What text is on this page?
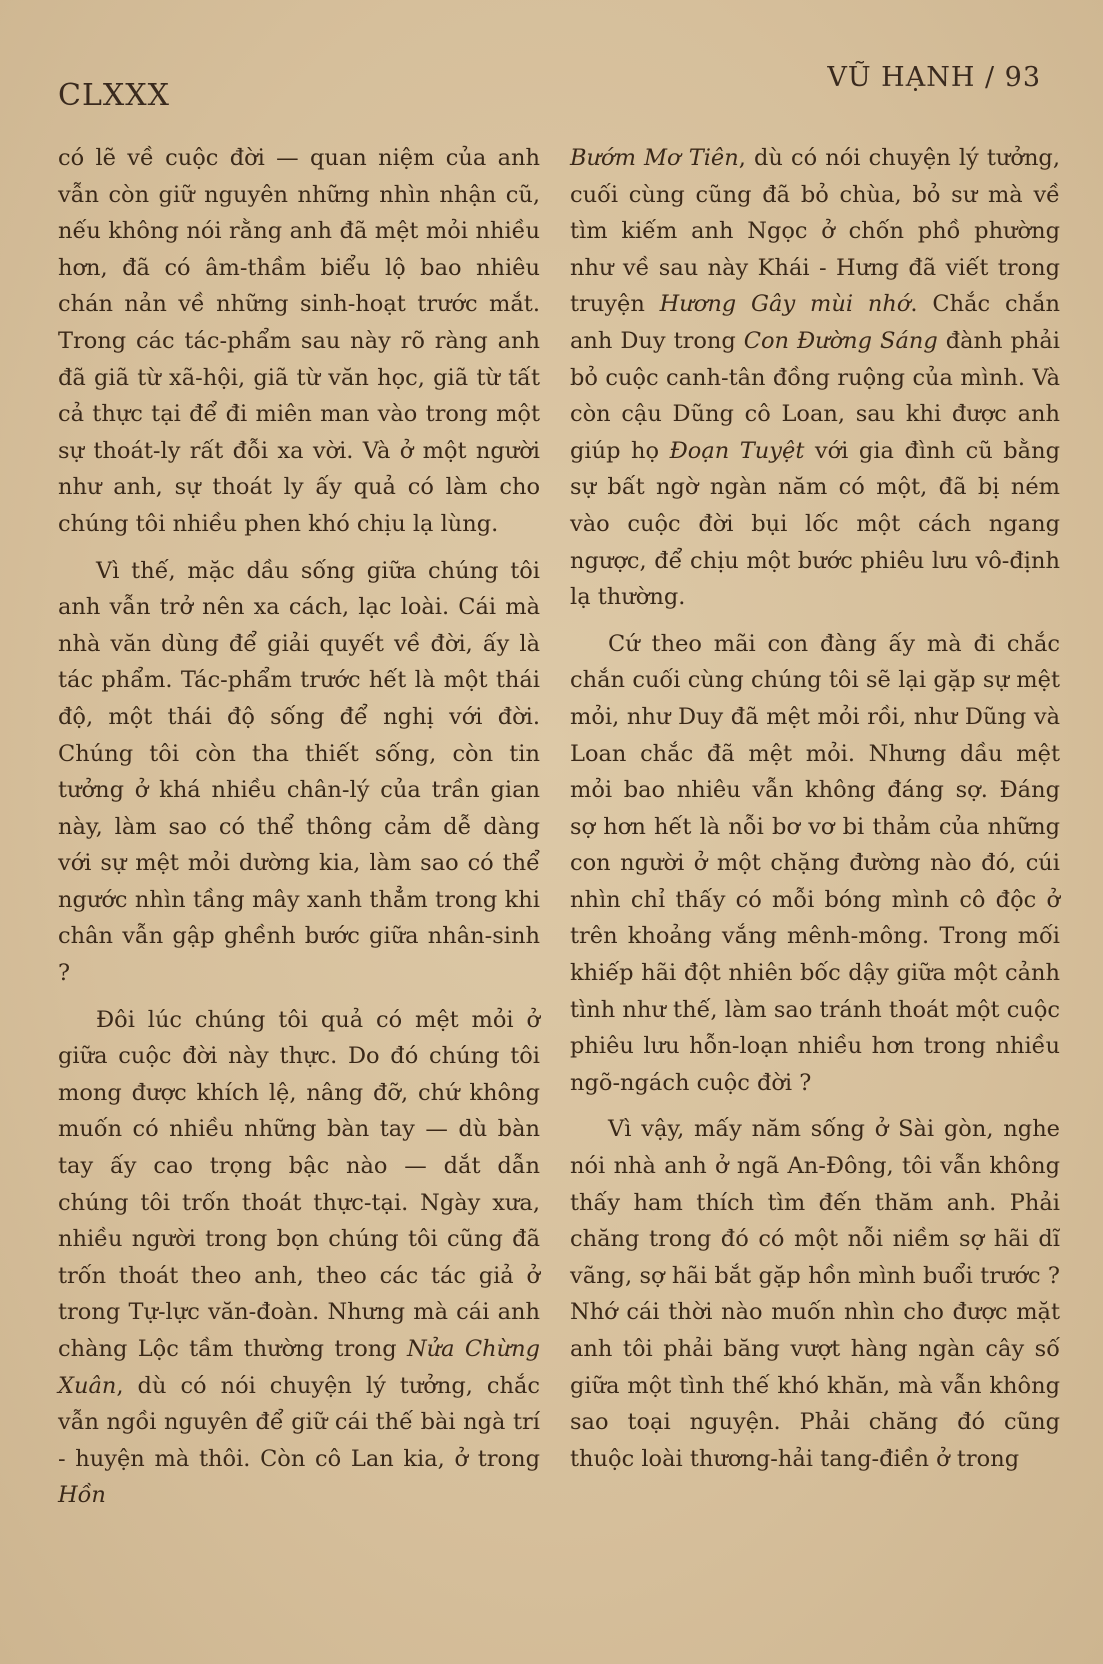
CLXXX
VŨ HẠNH / 93

có lẽ về cuộc đời — quan niệm của anh vẫn còn giữ nguyên những nhìn nhận cũ, nếu không nói rằng anh đã mệt mỏi nhiều hơn, đã có âm-thầm biểu lộ bao nhiêu chán nản về những sinh-hoạt trước mắt. Trong các tác-phẩm sau này rõ ràng anh đã giã từ xã-hội, giã từ văn học, giã từ tất cả thực tại để đi miên man vào trong một sự thoát-ly rất đỗi xa vời. Và ở một người như anh, sự thoát ly ấy quả có làm cho chúng tôi nhiều phen khó chịu lạ lùng.

Vì thế, mặc dầu sống giữa chúng tôi anh vẫn trở nên xa cách, lạc loài. Cái mà nhà văn dùng để giải quyết về đời, ấy là tác phẩm. Tác-phẩm trước hết là một thái độ, một thái độ sống để nghị với đời. Chúng tôi còn tha thiết sống, còn tin tưởng ở khá nhiều chân-lý của trần gian này, làm sao có thể thông cảm dễ dàng với sự mệt mỏi dường kia, làm sao có thể ngước nhìn tầng mây xanh thẳm trong khi chân vẫn gập ghềnh bước giữa nhân-sinh ?

Đôi lúc chúng tôi quả có mệt mỏi ở giữa cuộc đời này thực. Do đó chúng tôi mong được khích lệ, nâng đỡ, chứ không muốn có nhiều những bàn tay — dù bàn tay ấy cao trọng bậc nào — dắt dẫn chúng tôi trốn thoát thực-tại. Ngày xưa, nhiều người trong bọn chúng tôi cũng đã trốn thoát theo anh, theo các tác giả ở trong Tự-lực văn-đoàn. Nhưng mà cái anh chàng Lộc tầm thường trong Nửa Chừng Xuân, dù có nói chuyện lý tưởng, chắc vẫn ngồi nguyên để giữ cái thế bài ngà trí - huyện mà thôi. Còn cô Lan kia, ở trong Hồn

Bướm Mơ Tiên, dù có nói chuyện lý tưởng, cuối cùng cũng đã bỏ chùa, bỏ sư mà về tìm kiếm anh Ngọc ở chốn phồ phường như về sau này Khái - Hưng đã viết trong truyện Hương Gây mùi nhớ. Chắc chắn anh Duy trong Con Đường Sáng đành phải bỏ cuộc canh-tân đồng ruộng của mình. Và còn cậu Dũng cô Loan, sau khi được anh giúp họ Đoạn Tuyệt với gia đình cũ bằng sự bất ngờ ngàn năm có một, đã bị ném vào cuộc đời bụi lốc một cách ngang ngược, để chịu một bước phiêu lưu vô-định lạ thường.

Cứ theo mãi con đàng ấy mà đi chắc chắn cuối cùng chúng tôi sẽ lại gặp sự mệt mỏi, như Duy đã mệt mỏi rồi, như Dũng và Loan chắc đã mệt mỏi. Nhưng dầu mệt mỏi bao nhiêu vẫn không đáng sợ. Đáng sợ hơn hết là nỗi bơ vơ bi thảm của những con người ở một chặng đường nào đó, cúi nhìn chỉ thấy có mỗi bóng mình cô độc ở trên khoảng vắng mênh-mông. Trong mối khiếp hãi đột nhiên bốc dậy giữa một cảnh tình như thế, làm sao tránh thoát một cuộc phiêu lưu hỗn-loạn nhiều hơn trong nhiều ngõ-ngách cuộc đời ?

Vì vậy, mấy năm sống ở Sài gòn, nghe nói nhà anh ở ngã An-Đông, tôi vẫn không thấy ham thích tìm đến thăm anh. Phải chăng trong đó có một nỗi niềm sợ hãi dĩ vãng, sợ hãi bắt gặp hồn mình buổi trước ? Nhớ cái thời nào muốn nhìn cho được mặt anh tôi phải băng vượt hàng ngàn cây số giữa một tình thế khó khăn, mà vẫn không sao toại nguyện. Phải chăng đó cũng thuộc loài thương-hải tang-điền ở trong
